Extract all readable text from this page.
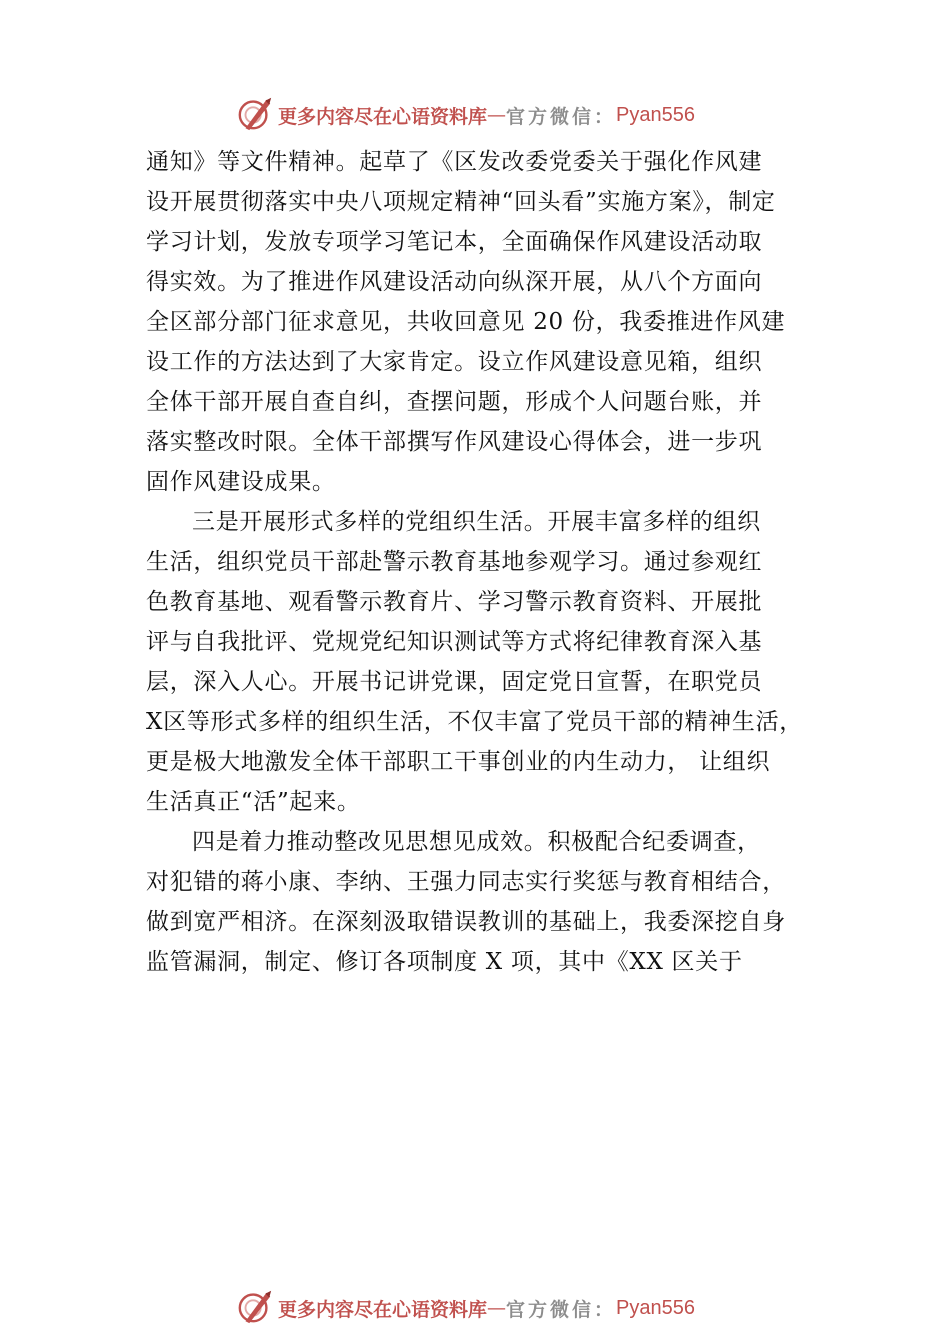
更多内容尽在心语资料库 — 官方微信： Pyan556
通知》等文件精神。起草了《区发改委党委关于强化作风建
设开展贯彻落实中央八项规定精神“回头看”实施方案》，制定
学习计划，发放专项学习笔记本，全面确保作风建设活动取
得实效。为了推进作风建设活动向纵深开展，从八个方面向
全区部分部门征求意见，共收回意见 20 份，我委推进作风建
设工作的方法达到了大家肯定。设立作风建设意见箱，组织
全体干部开展自查自纠，查摆问题，形成个人问题台账，并
落实整改时限。全体干部撰写作风建设心得体会，进一步巩
固作风建设成果。
三是开展形式多样的党组织生活。开展丰富多样的组织
生活，组织党员干部赴警示教育基地参观学习。通过参观红
色教育基地、观看警示教育片、学习警示教育资料、开展批
评与自我批评、党规党纪知识测试等方式将纪律教育深入基
层，深入人心。开展书记讲党课，固定党日宣誓，在职党员
X区等形式多样的组织生活，不仅丰富了党员干部的精神生活，
更是极大地激发全体干部职工干事创业的内生动力， 让组织
生活真正“活”起来。
四是着力推动整改见思想见成效。积极配合纪委调查，
对犯错的蒋小康、李纳、王强力同志实行奖惩与教育相结合，
做到宽严相济。在深刻汲取错误教训的基础上，我委深挖自身
监管漏洞，制定、修订各项制度 X 项，其中《XX 区关于
更多内容尽在心语资料库 — 官方微信： Pyan556
